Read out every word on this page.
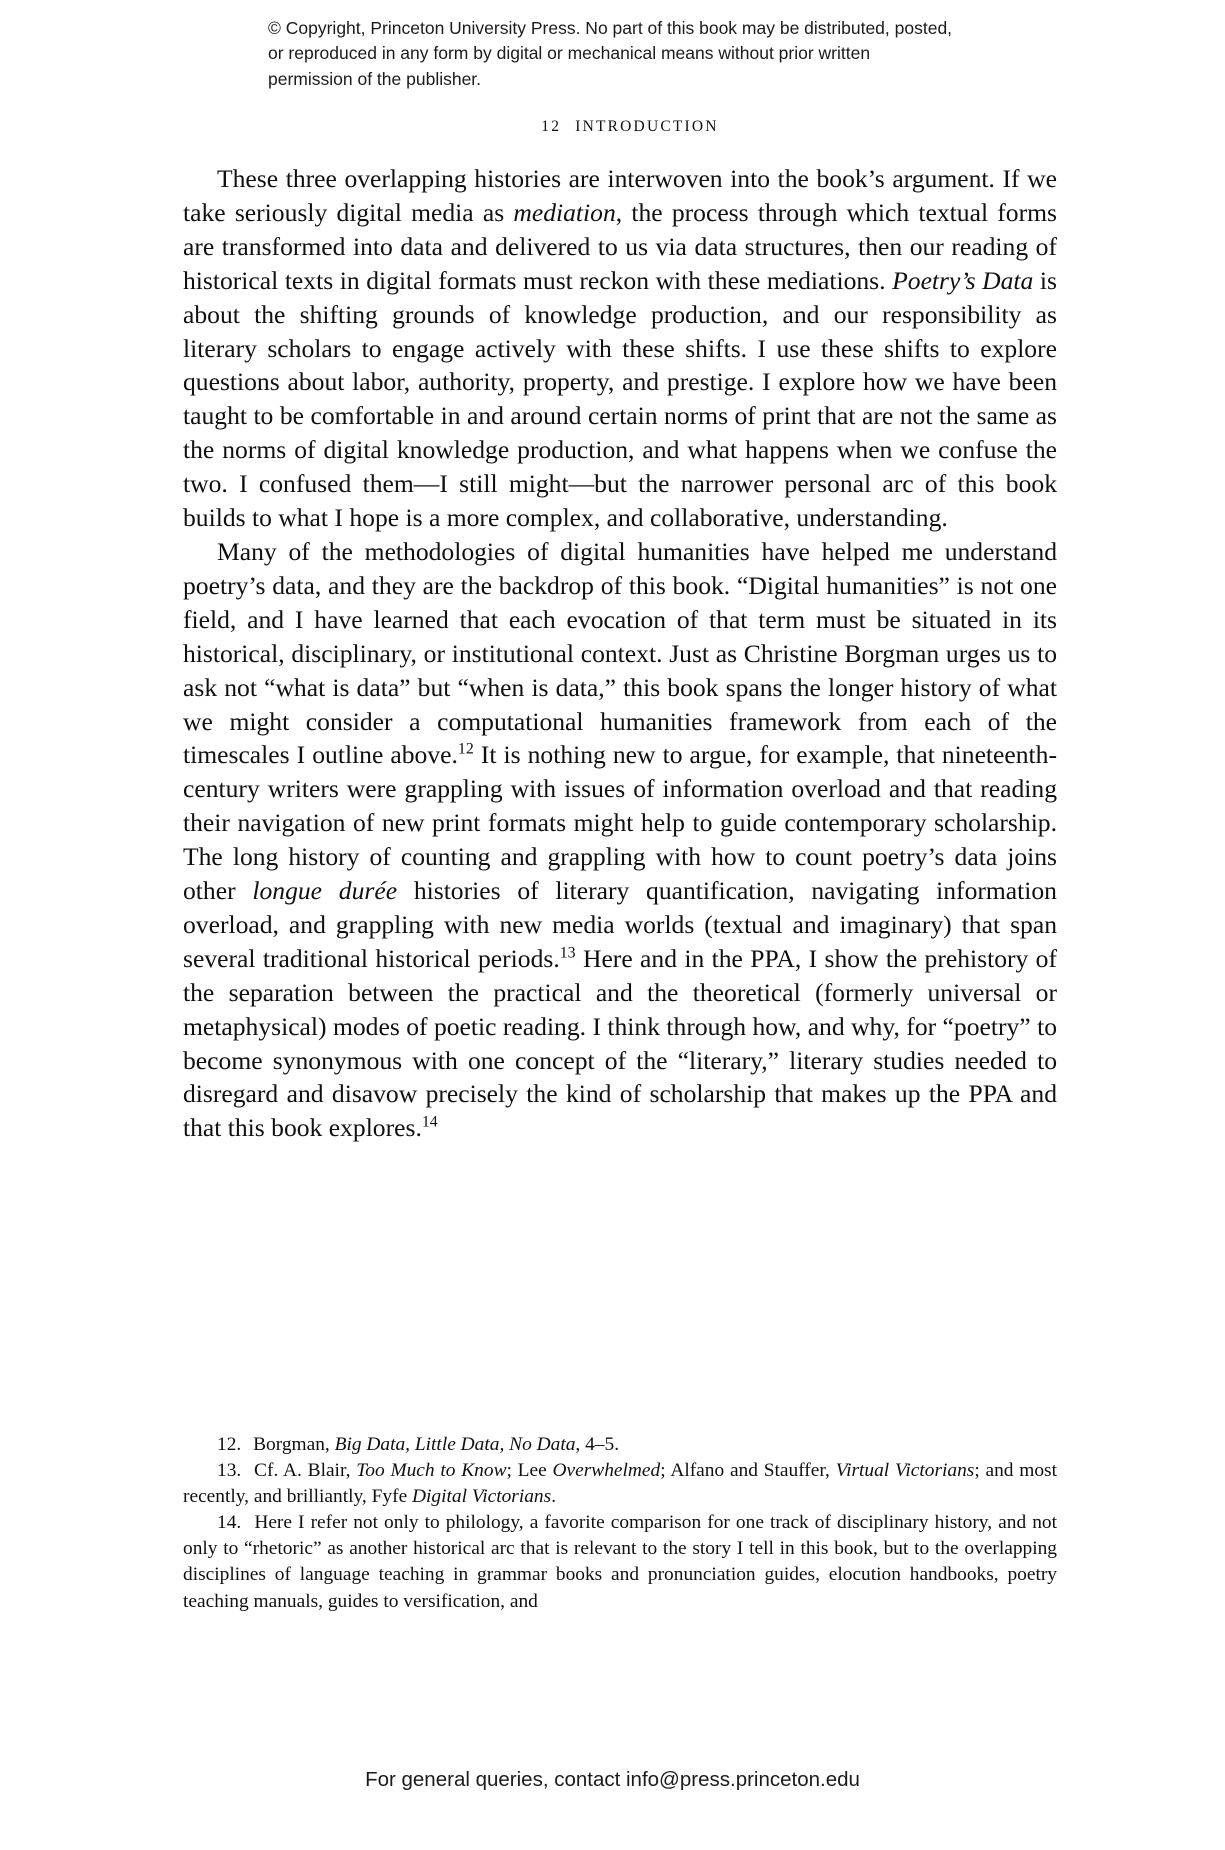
© Copyright, Princeton University Press. No part of this book may be distributed, posted, or reproduced in any form by digital or mechanical means without prior written permission of the publisher.
12 INTRODUCTION

These three overlapping histories are interwoven into the book’s argument. If we take seriously digital media as mediation, the process through which textual forms are transformed into data and delivered to us via data structures, then our reading of historical texts in digital formats must reckon with these mediations. Poetry’s Data is about the shifting grounds of knowledge production, and our responsibility as literary scholars to engage actively with these shifts. I use these shifts to explore questions about labor, authority, property, and prestige. I explore how we have been taught to be comfortable in and around certain norms of print that are not the same as the norms of digital knowledge production, and what happens when we confuse the two. I confused them—I still might—but the narrower personal arc of this book builds to what I hope is a more complex, and collaborative, understanding.

Many of the methodologies of digital humanities have helped me understand poetry’s data, and they are the backdrop of this book. “Digital humanities” is not one field, and I have learned that each evocation of that term must be situated in its historical, disciplinary, or institutional context. Just as Christine Borgman urges us to ask not “what is data” but “when is data,” this book spans the longer history of what we might consider a computational humanities framework from each of the timescales I outline above.$^{12}$ It is nothing new to argue, for example, that nineteenth-century writers were grappling with issues of information overload and that reading their navigation of new print formats might help to guide contemporary scholarship. The long history of counting and grappling with how to count poetry’s data joins other longue durée histories of literary quantification, navigating information overload, and grappling with new media worlds (textual and imaginary) that span several traditional historical periods.$^{13}$ Here and in the PPA, I show the prehistory of the separation between the practical and the theoretical (formerly universal or metaphysical) modes of poetic reading. I think through how, and why, for “poetry” to become synonymous with one concept of the “literary,” literary studies needed to disregard and disavow precisely the kind of scholarship that makes up the PPA and that this book explores.$^{14}$

12. Borgman, Big Data, Little Data, No Data, 4–5.

13. Cf. A. Blair, Too Much to Know; Lee Overwhelmed; Alfano and Stauffer, Virtual Victorians; and most recently, and brilliantly, Fyfe Digital Victorians.

14. Here I refer not only to philology, a favorite comparison for one track of disciplinary history, and not only to “rhetoric” as another historical arc that is relevant to the story I tell in this book, but to the overlapping disciplines of language teaching in grammar books and pronunciation guides, elocution handbooks, poetry teaching manuals, guides to versification, and

For general queries, contact info@press.princeton.edu
